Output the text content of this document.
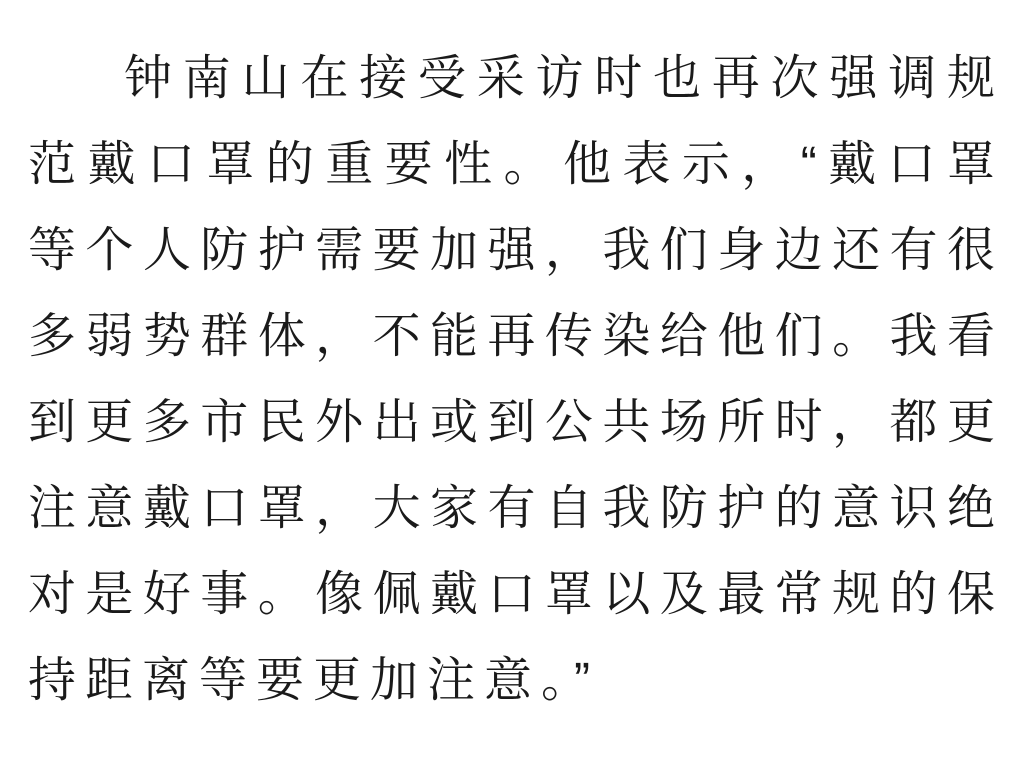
钟南山在接受采访时也再次强调规范戴口罩的重要性。他表示，“戴口罩等个人防护需要加强，我们身边还有很多弱势群体，不能再传染给他们。我看到更多市民外出或到公共场所时，都更注意戴口罩，大家有自我防护的意识绝对是好事。像佩戴口罩以及最常规的保持距离等要更加注意。”
